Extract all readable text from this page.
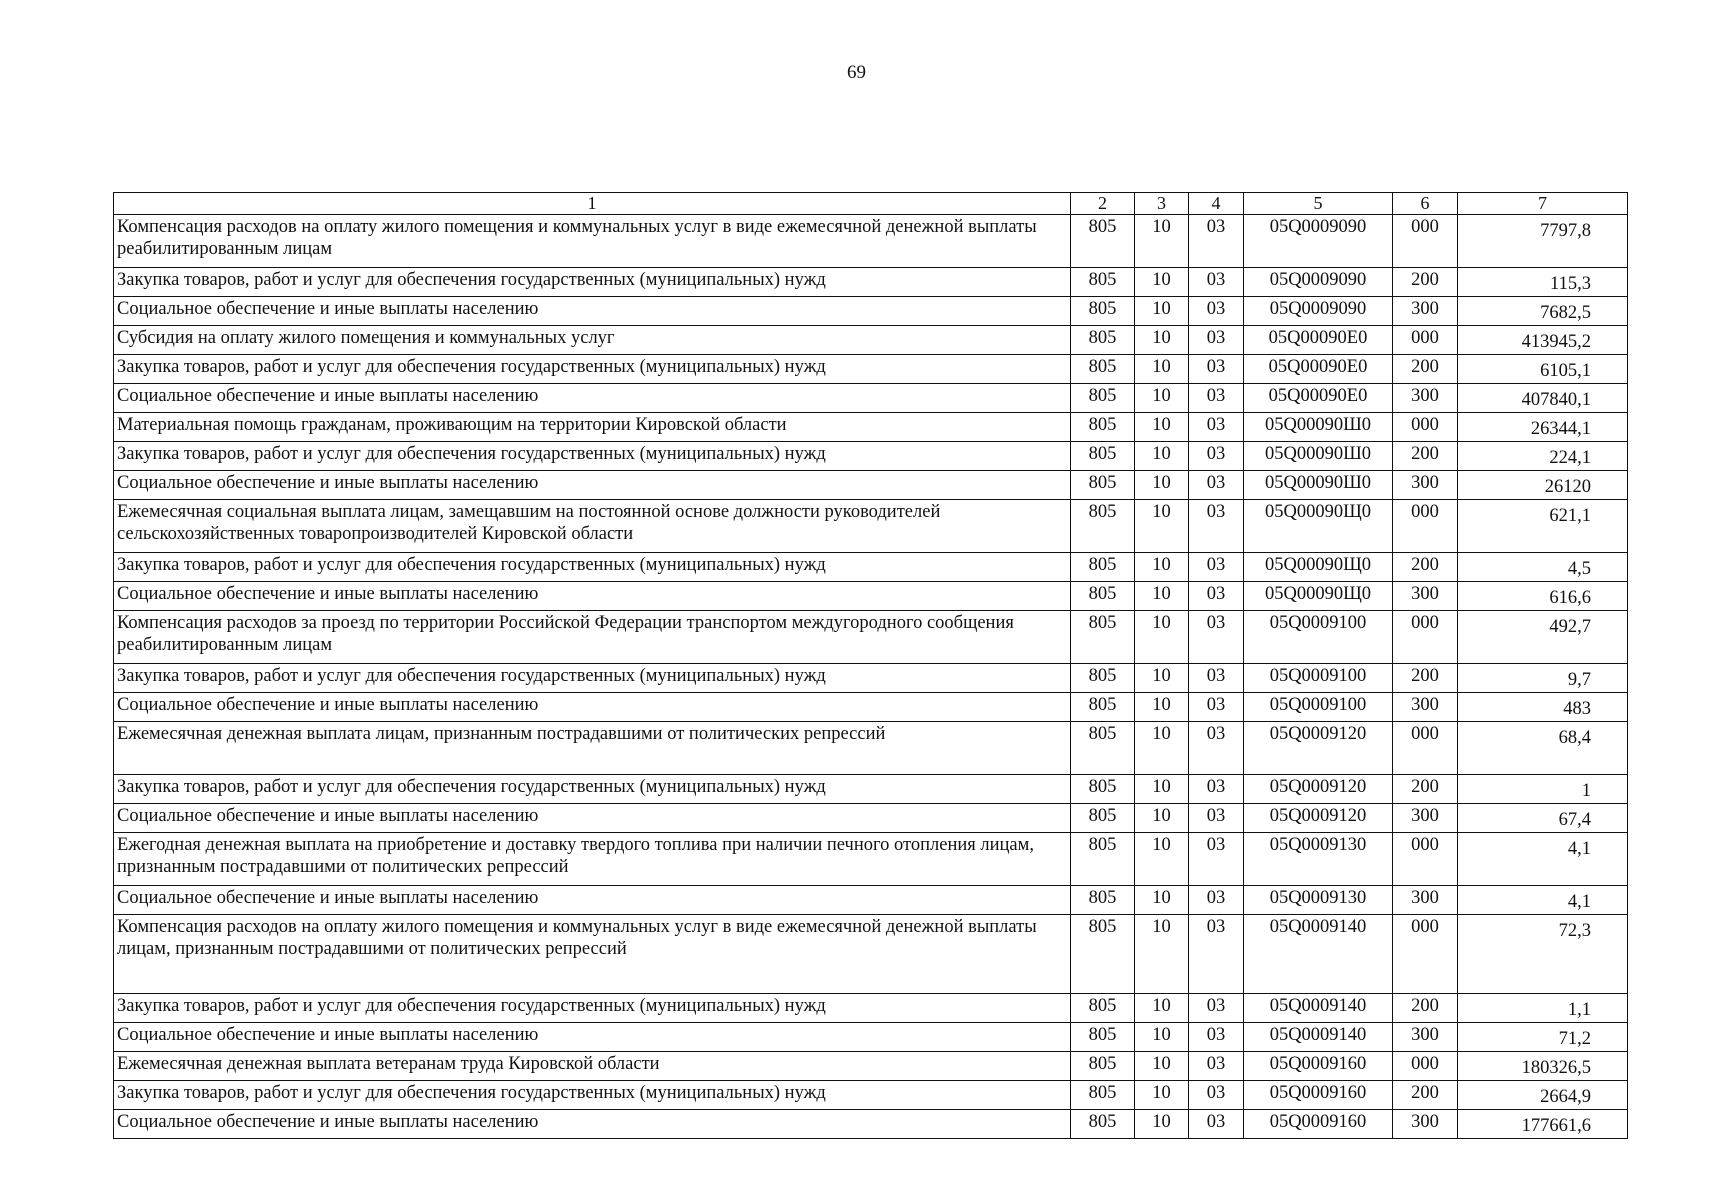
69
1	2	3	4	5	6	7
Компенсация расходов на оплату жилого помещения и коммунальных услуг в виде ежемесячной денежной выплаты реабилитированным лицам	805	10	03	05Q0009090	000	7797,8
Закупка товаров, работ и услуг для обеспечения государственных (муниципальных) нужд	805	10	03	05Q0009090	200	115,3
Социальное обеспечение и иные выплаты населению	805	10	03	05Q0009090	300	7682,5
Субсидия на оплату жилого помещения и коммунальных услуг	805	10	03	05Q00090Е0	000	413945,2
Закупка товаров, работ и услуг для обеспечения государственных (муниципальных) нужд	805	10	03	05Q00090Е0	200	6105,1
Социальное обеспечение и иные выплаты населению	805	10	03	05Q00090Е0	300	407840,1
Материальная помощь гражданам, проживающим на территории Кировской области	805	10	03	05Q00090Ш0	000	26344,1
Закупка товаров, работ и услуг для обеспечения государственных (муниципальных) нужд	805	10	03	05Q00090Ш0	200	224,1
Социальное обеспечение и иные выплаты населению	805	10	03	05Q00090Ш0	300	26120
Ежемесячная социальная выплата лицам, замещавшим на постоянной основе должности руководителей сельскохозяйственных товаропроизводителей Кировской области	805	10	03	05Q00090Щ0	000	621,1
Закупка товаров, работ и услуг для обеспечения государственных (муниципальных) нужд	805	10	03	05Q00090Щ0	200	4,5
Социальное обеспечение и иные выплаты населению	805	10	03	05Q00090Щ0	300	616,6
Компенсация расходов за проезд по территории Российской Федерации транспортом междугородного сообщения реабилитированным лицам	805	10	03	05Q0009100	000	492,7
Закупка товаров, работ и услуг для обеспечения государственных (муниципальных) нужд	805	10	03	05Q0009100	200	9,7
Социальное обеспечение и иные выплаты населению	805	10	03	05Q0009100	300	483
Ежемесячная денежная выплата лицам, признанным пострадавшими от политических репрессий	805	10	03	05Q0009120	000	68,4
Закупка товаров, работ и услуг для обеспечения государственных (муниципальных) нужд	805	10	03	05Q0009120	200	1
Социальное обеспечение и иные выплаты населению	805	10	03	05Q0009120	300	67,4
Ежегодная денежная выплата на приобретение и доставку твердого топлива при наличии печного отопления лицам, признанным пострадавшими от политических репрессий	805	10	03	05Q0009130	000	4,1
Социальное обеспечение и иные выплаты населению	805	10	03	05Q0009130	300	4,1
Компенсация расходов на оплату жилого помещения и коммунальных услуг в виде ежемесячной денежной выплаты лицам, признанным пострадавшими от политических репрессий	805	10	03	05Q0009140	000	72,3
Закупка товаров, работ и услуг для обеспечения государственных (муниципальных) нужд	805	10	03	05Q0009140	200	1,1
Социальное обеспечение и иные выплаты населению	805	10	03	05Q0009140	300	71,2
Ежемесячная денежная выплата ветеранам труда Кировской области	805	10	03	05Q0009160	000	180326,5
Закупка товаров, работ и услуг для обеспечения государственных (муниципальных) нужд	805	10	03	05Q0009160	200	2664,9
Социальное обеспечение и иные выплаты населению	805	10	03	05Q0009160	300	177661,6
